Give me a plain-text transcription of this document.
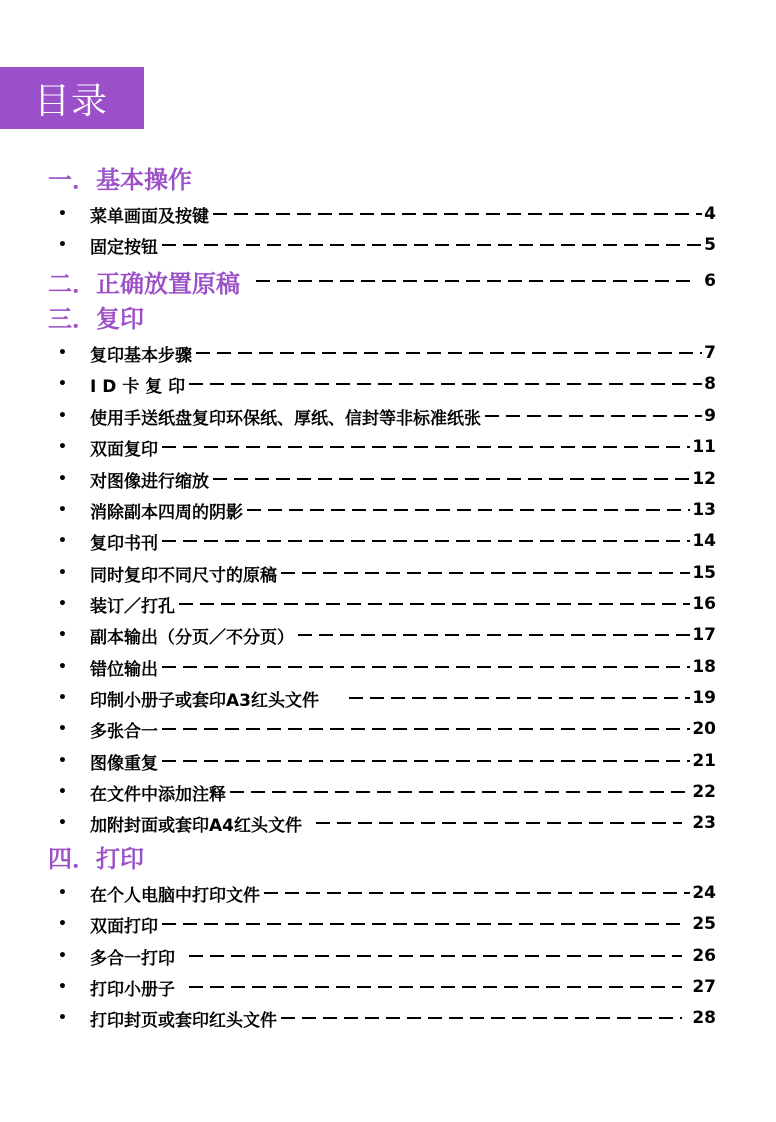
目录
一．基本操作
•	菜单画面及按键	4
•	固定按钮	5
二．正确放置原稿	6
三．复印
•	复印基本步骤	7
•	I D 卡 复 印	8
•	使用手送纸盘复印环保纸、厚纸、信封等非标准纸张	9
•	双面复印	11
•	对图像进行缩放	12
•	消除副本四周的阴影	13
•	复印书刊	14
•	同时复印不同尺寸的原稿	15
•	装订／打孔	16
•	副本输出（分页／不分页）	17
•	错位输出	18
•	印制小册子或套印A3红头文件	19
•	多张合一	20
•	图像重复	21
•	在文件中添加注释	22
•	加附封面或套印A4红头文件	23
四．打印
•	在个人电脑中打印文件	24
•	双面打印	25
•	多合一打印	26
•	打印小册子	27
•	打印封页或套印红头文件	28
